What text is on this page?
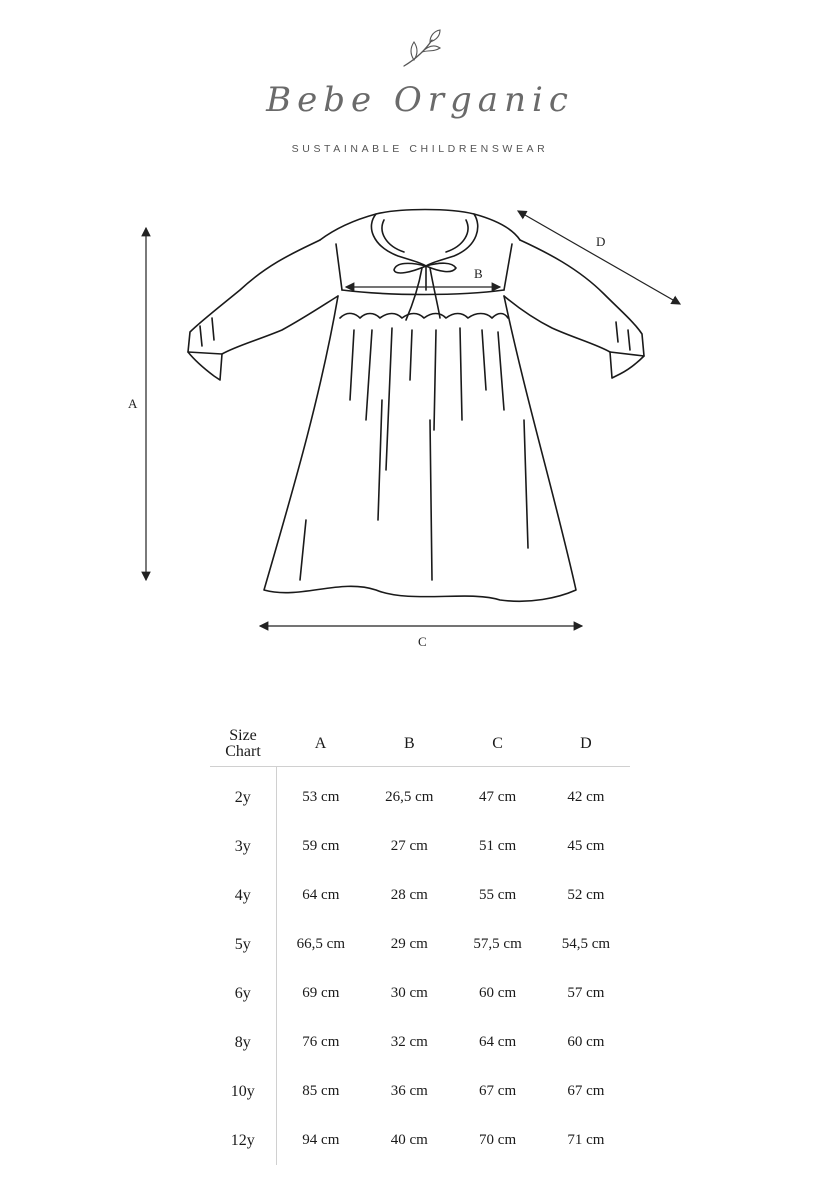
Bebe Organic
SUSTAINABLE CHILDRENSWEAR
A
B
C
D
Size
Chart	A	B	C	D
2y	53 cm	26,5 cm	47 cm	42 cm
3y	59 cm	27 cm	51 cm	45 cm
4y	64 cm	28 cm	55 cm	52 cm
5y	66,5 cm	29 cm	57,5 cm	54,5 cm
6y	69 cm	30 cm	60 cm	57 cm
8y	76 cm	32 cm	64 cm	60 cm
10y	85 cm	36 cm	67 cm	67 cm
12y	94 cm	40 cm	70 cm	71 cm
